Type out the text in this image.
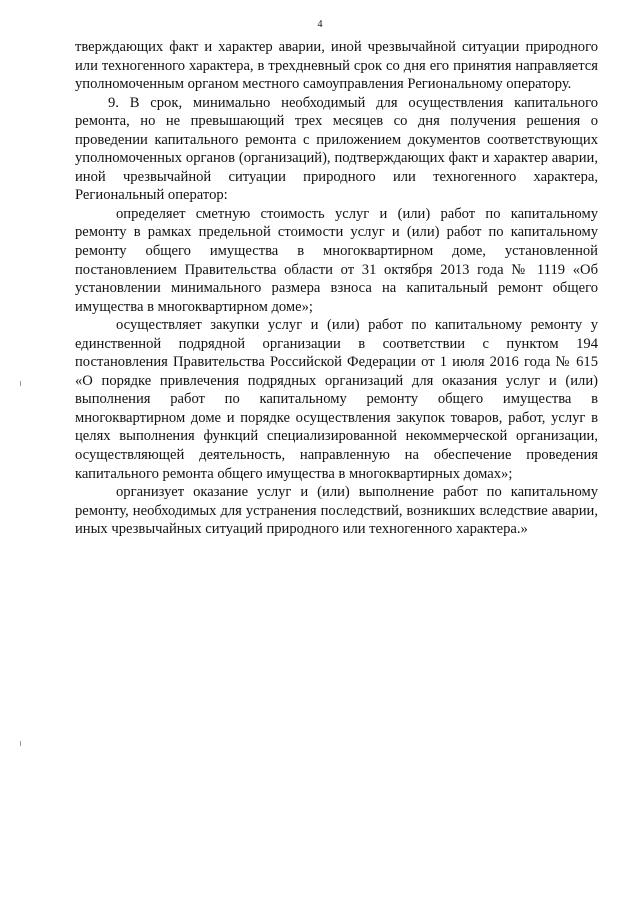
4

тверждающих факт и характер аварии, иной чрезвычайной ситуации природного или техногенного характера, в трехдневный срок со дня его принятия направляется уполномоченным органом местного самоуправления Региональному оператору.

9. В срок, минимально необходимый для осуществления капитального ремонта, но не превышающий трех месяцев со дня получения решения о проведении капитального ремонта с приложением документов соответствующих уполномоченных органов (организаций), подтверждающих факт и характер аварии, иной чрезвычайной ситуации природного или техногенного характера, Региональный оператор:

определяет сметную стоимость услуг и (или) работ по капитальному ремонту в рамках предельной стоимости услуг и (или) работ по капитальному ремонту общего имущества в многоквартирном доме, установленной постановлением Правительства области от 31 октября 2013 года № 1119 «Об установлении минимального размера взноса на капитальный ремонт общего имущества в многоквартирном доме»;

осуществляет закупки услуг и (или) работ по капитальному ремонту у единственной подрядной организации в соответствии с пунктом 194 постановления Правительства Российской Федерации от 1 июля 2016 года № 615 «О порядке привлечения подрядных организаций для оказания услуг и (или) выполнения работ по капитальному ремонту общего имущества в многоквартирном доме и порядке осуществления закупок товаров, работ, услуг в целях выполнения функций специализированной некоммерческой организации, осуществляющей деятельность, направленную на обеспечение проведения капитального ремонта общего имущества в многоквартирных домах»;

организует оказание услуг и (или) выполнение работ по капитальному ремонту, необходимых для устранения последствий, возникших вследствие аварии, иных чрезвычайных ситуаций природного или техногенного характера.»
